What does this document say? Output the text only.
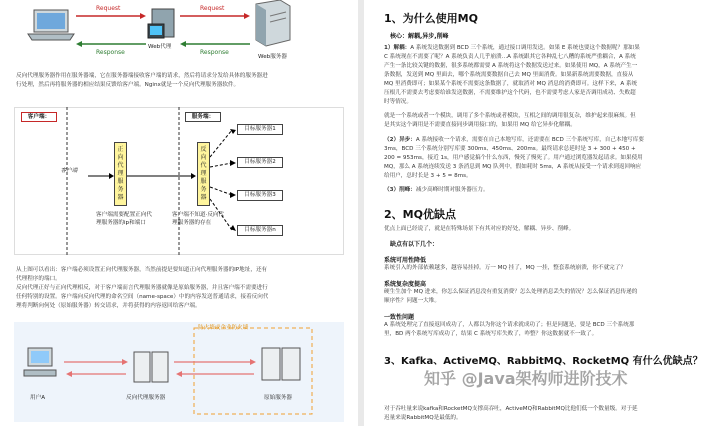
Request	Request
Response	Response
Web代理
Web服务器
反向代理服务器作用在服务器端，它在服务器端接收客户端的请求，然后将请求分发给具体的服务器进
行处理，然后再将服务器的相应结果反馈给客户端。Nginx就是一个反向代理服务器软件。
客户端：	服务端：
客户端
正向代理服务器
反向代理服务器
目标服务器1
目标服务器2
目标服务器3
目标服务器n
客户端需要配置正向代
理服务器的ip和端口
客户端不知道·反向代
理服务器的存在
从上图可以看出：客户端必须设置正向代理服务器，当然前提是要知道正向代理服务器的IP地址，还有
代理程序的端口。
反向代理正好与正向代理相反，对于客户端而言代理服务器就像是原始服务器，并且客户端不需要进行
任何特别的设置。客户端向反向代理的命名空间（name-space）中的内容发送普通请求，接着反向代
理将判断向何处（原始服务器）转交请求，并将获得的内容返回给客户端。
防火墙或企业防火墙
用户A	反向代理服务器	原始服务器
1、为什么使用MQ
核心：解耦,异步,削峰
1）解耦：A 系统发送数据到 BCD 三个系统，通过接口调用发送。如果 E 系统也要这个数据呢？那如果
C 系统现在不需要了呢？A 系统负责人几乎崩溃…A 系统跟其它各种乱七八糟的系统严重耦合，A 系统
产生一条比较关键的数据，很多系统都需要 A 系统将这个数据发送过来。如果使用 MQ，A 系统产生一
条数据，发送到 MQ 里面去，哪个系统需要数据自己去 MQ 里面消费。如果新系统需要数据，直接从
MQ 里消费即可；如果某个系统不需要这条数据了，就取消对 MQ 消息的消费即可。这样下来，A 系统
压根儿不需要去考虑要给谁发送数据，不需要维护这个代码，也不需要考虑人家是否调用成功、失败超
时等情况。
就是一个系统或者一个模块，调用了多个系统或者模块，互相之间的调用很复杂，维护起来很麻烦。但
是其实这个调用是不需要直接同步调用接口的，如果用 MQ 给它异步化解耦。
（2）异步：A 系统接收一个请求，需要在自己本地写库，还需要在 BCD 三个系统写库，自己本地写库要
3ms，BCD 三个系统分别写库要 300ms、450ms、200ms。最终请求总延时是 3 + 300 + 450 +
200 = 953ms，接近 1s，用户感觉搞个什么东西，慢死了慢死了。用户通过浏览器发起请求。如果使用
MQ，那么 A 系统连续发送 3 条消息到 MQ 队列中，假如耗时 5ms，A 系统从接受一个请求到返回响应
给用户，总时长是 3 + 5 = 8ms。
（3）削峰：减少高峰时期对服务器压力。
2、MQ优缺点
优点上面已经说了，就是在特殊场景下有其对应的好处，解耦、异步、削峰。
缺点有以下几个：
系统可用性降低
系统引入的外部依赖越多，越容易挂掉。万一 MQ 挂了，MQ 一挂，整套系统崩溃，你不就完了？
系统复杂度提高
硬生生加个 MQ 进来，你怎么保证消息没有重复消费？怎么处理消息丢失的情况？怎么保证消息传递的
顺序性？问题一大堆。
一致性问题
A 系统处理完了直接返回成功了，人都以为你这个请求就成功了；但是问题是，要是 BCD 三个系统那
里，BD 两个系统写库成功了，结果 C 系统写库失败了，咋整？你这数据就不一致了。
3、Kafka、ActiveMQ、RabbitMQ、RocketMQ 有什么优缺点？
对于吞吐量来说kafka和RocketMQ支撑高吞吐，ActiveMQ和RabbitMQ比他们低一个数量级。对于延
迟量来说RabbitMQ是最低的。
知乎 @Java架构师进阶技术
